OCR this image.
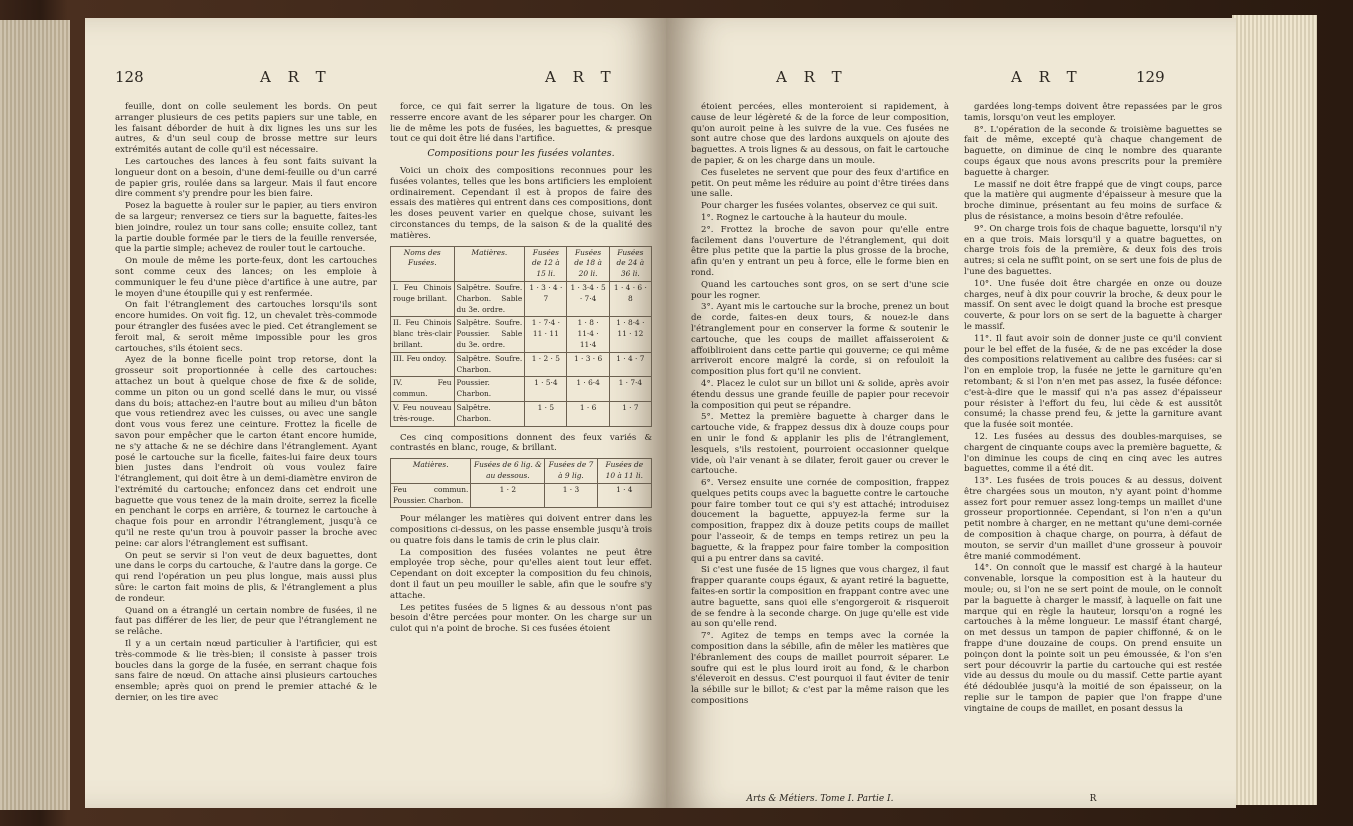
128	A R T	A R T

feuille, dont on colle seulement les bords. On peut arranger plusieurs de ces petits papiers sur une table, en les faisant déborder de huit à dix lignes les uns sur les autres, & d'un seul coup de brosse mettre sur leurs extrémités autant de colle qu'il est nécessaire.

Les cartouches des lances à feu sont faits suivant la longueur dont on a besoin, d'une demi-feuille ou d'un carré de papier gris, roulée dans sa largeur. Mais il faut encore dire comment s'y prendre pour les bien faire.

Posez la baguette à rouler sur le papier, au tiers environ de sa largeur; renversez ce tiers sur la baguette, faites-les bien joindre, roulez un tour sans colle; ensuite collez, tant la partie double formée par le tiers de la feuille renversée, que la partie simple; achevez de rouler tout le cartouche.

On moule de même les porte-feux, dont les cartouches sont comme ceux des lances; on les emploie à communiquer le feu d'une pièce d'artifice à une autre, par le moyen d'une étoupille qui y est renfermée.

On fait l'étranglement des cartouches lorsqu'ils sont encore humides. On voit fig. 12, un chevalet très-commode pour étrangler des fusées avec le pied. Cet étranglement se feroit mal, & seroit même impossible pour les gros cartouches, s'ils étoient secs.

Ayez de la bonne ficelle point trop retorse, dont la grosseur soit proportionnée à celle des cartouches: attachez un bout à quelque chose de fixe & de solide, comme un piton ou un gond scellé dans le mur, ou vissé dans du bois; attachez-en l'autre bout au milieu d'un bâton que vous retiendrez avec les cuisses, ou avec une sangle dont vous vous ferez une ceinture. Frottez la ficelle de savon pour empêcher que le carton étant encore humide, ne s'y attache & ne se déchire dans l'étranglement. Ayant posé le cartouche sur la ficelle, faites-lui faire deux tours bien justes dans l'endroit où vous voulez faire l'étranglement, qui doit être à un demi-diamètre environ de l'extrémité du cartouche; enfoncez dans cet endroit une baguette que vous tenez de la main droite, serrez la ficelle en penchant le corps en arrière, & tournez le cartouche à chaque fois pour en arrondir l'étranglement, jusqu'à ce qu'il ne reste qu'un trou à pouvoir passer la broche avec peine: car alors l'étranglement est suffisant.

On peut se servir si l'on veut de deux baguettes, dont une dans le corps du cartouche, & l'autre dans la gorge. Ce qui rend l'opération un peu plus longue, mais aussi plus sûre: le carton fait moins de plis, & l'étranglement a plus de rondeur.

Quand on a étranglé un certain nombre de fusées, il ne faut pas différer de les lier, de peur que l'étranglement ne se relâche.

Il y a un certain nœud particulier à l'artificier, qui est très-commode & lie très-bien; il consiste à passer trois boucles dans la gorge de la fusée, en serrant chaque fois sans faire de nœud. On attache ainsi plusieurs cartouches ensemble; après quoi on prend le premier attaché & le dernier, on les tire avec

force, ce qui fait serrer la ligature de tous. On les resserre encore avant de les séparer pour les charger. On lie de même les pots de fusées, les baguettes, & presque tout ce qui doit être lié dans l'artifice.

Compositions pour les fusées volantes.

Voici un choix des compositions reconnues pour les fusées volantes, telles que les bons artificiers les emploient ordinairement. Cependant il est à propos de faire des essais des matières qui entrent dans ces compositions, dont les doses peuvent varier en quelque chose, suivant les circonstances du temps, de la saison & de la qualité des matières.

Noms des Fusées.	Matières.	Fusées de 12 à 15 li.	Fusées de 18 à 20 li.	Fusées de 24 à 36 li.
I. Feu Chinois rouge brillant.	Salpêtre. Soufre. Charbon. Sable du 3e. ordre.	1 · 3 · 4 · 7	1 · 3·4 · 5 · 7·4	1 · 4 · 6 · 8
II. Feu Chinois blanc très-clair brillant.	Salpêtre. Soufre. Poussier. Sable du 3e. ordre.	1 · 7·4 · 11 · 11	1 · 8 · 11·4 · 11·4	1 · 8·4 · 11 · 12
III. Feu ondoy.	Salpêtre. Soufre. Charbon.	1 · 2 · 5	1 · 3 · 6	1 · 4 · 7
IV. Feu commun.	Poussier. Charbon.	1 · 5·4	1 · 6·4	1 · 7·4
V. Feu nouveau très-rouge.	Salpêtre. Charbon.	1 · 5	1 · 6	1 · 7

Ces cinq compositions donnent des feux variés & contrastés en blanc, rouge, & brillant.

Matières.	Fusées de 6 lig. & au dessous.	Fusées de 7 à 9 lig.	Fusées de 10 à 11 li.
Feu commun. Poussier. Charbon.	1 · 2	1 · 3	1 · 4

Pour mélanger les matières qui doivent entrer dans les compositions ci-dessus, on les passe ensemble jusqu'à trois ou quatre fois dans le tamis de crin le plus clair.

La composition des fusées volantes ne peut être employée trop sèche, pour qu'elles aient tout leur effet. Cependant on doit excepter la composition du feu chinois, dont il faut un peu mouiller le sable, afin que le soufre s'y attache.

Les petites fusées de 5 lignes & au dessous n'ont pas besoin d'être percées pour monter. On les charge sur un culot qui n'a point de broche. Si ces fusées étoient

A R T	A R T	129

étoient percées, elles monteroient si rapidement, à cause de leur légèreté & de la force de leur composition, qu'on auroit peine à les suivre de la vue. Ces fusées ne sont autre chose que des lardons auxquels on ajoute des baguettes. A trois lignes & au dessous, on fait le cartouche de papier, & on les charge dans un moule.

Ces fuseletes ne servent que pour des feux d'artifice en petit. On peut même les réduire au point d'être tirées dans une salle.

Pour charger les fusées volantes, observez ce qui suit.

1°. Rognez le cartouche à la hauteur du moule.

2°. Frottez la broche de savon pour qu'elle entre facilement dans l'ouverture de l'étranglement, qui doit être plus petite que la partie la plus grosse de la broche, afin qu'en y entrant un peu à force, elle le forme bien en rond.

Quand les cartouches sont gros, on se sert d'une scie pour les rogner.

3°. Ayant mis le cartouche sur la broche, prenez un bout de corde, faites-en deux tours, & nouez-le dans l'étranglement pour en conserver la forme & soutenir le cartouche, que les coups de maillet affaisseroient & affoibliroient dans cette partie qui gouverne; ce qui même arriveroit encore malgré la corde, si on refouloit la composition plus fort qu'il ne convient.

4°. Placez le culot sur un billot uni & solide, après avoir étendu dessus une grande feuille de papier pour recevoir la composition qui peut se répandre.

5°. Mettez la première baguette à charger dans le cartouche vide, & frappez dessus dix à douze coups pour en unir le fond & applanir les plis de l'étranglement, lesquels, s'ils restoient, pourroient occasionner quelque vide, où l'air venant à se dilater, feroit gauer ou crever le cartouche.

6°. Versez ensuite une cornée de composition, frappez quelques petits coups avec la baguette contre le cartouche pour faire tomber tout ce qui s'y est attaché; introduisez doucement la baguette, appuyez-la ferme sur la composition, frappez dix à douze petits coups de maillet pour l'asseoir, & de temps en temps retirez un peu la baguette, & la frappez pour faire tomber la composition qui a pu entrer dans sa cavité.

Si c'est une fusée de 15 lignes que vous chargez, il faut frapper quarante coups égaux, & ayant retiré la baguette, faites-en sortir la composition en frappant contre avec une autre baguette, sans quoi elle s'engorgeroit & risqueroit de se fendre à la seconde charge. On juge qu'elle est vide au son qu'elle rend.

7°. Agitez de temps en temps avec la cornée la composition dans la sébille, afin de mêler les matières que l'ébranlement des coups de maillet pourroit séparer. Le soufre qui est le plus lourd iroit au fond, & le charbon s'éleveroit en dessus. C'est pourquoi il faut éviter de tenir la sébille sur le billot; & c'est par la même raison que les compositions

gardées long-temps doivent être repassées par le gros tamis, lorsqu'on veut les employer.

8°. L'opération de la seconde & troisième baguettes se fait de même, excepté qu'à chaque changement de baguette, on diminue de cinq le nombre des quarante coups égaux que nous avons prescrits pour la première baguette à charger.

Le massif ne doit être frappé que de vingt coups, parce que la matière qui augmente d'épaisseur à mesure que la broche diminue, présentant au feu moins de surface & plus de résistance, a moins besoin d'être refoulée.

9°. On charge trois fois de chaque baguette, lorsqu'il n'y en a que trois. Mais lorsqu'il y a quatre baguettes, on charge trois fois de la première, & deux fois des trois autres; si cela ne suffit point, on se sert une fois de plus de l'une des baguettes.

10°. Une fusée doit être chargée en onze ou douze charges, neuf à dix pour couvrir la broche, & deux pour le massif. On sent avec le doigt quand la broche est presque couverte, & pour lors on se sert de la baguette à charger le massif.

11°. Il faut avoir soin de donner juste ce qu'il convient pour le bel effet de la fusée, & de ne pas excéder la dose des compositions relativement au calibre des fusées: car si l'on en emploie trop, la fusée ne jette le garniture qu'en retombant; & si l'on n'en met pas assez, la fusée défonce: c'est-à-dire que le massif qui n'a pas assez d'épaisseur pour résister à l'effort du feu, lui cède & est aussitôt consumé; la chasse prend feu, & jette la garniture avant que la fusée soit montée.

12. Les fusées au dessus des doubles-marquises, se chargent de cinquante coups avec la première baguette, & l'on diminue les coups de cinq en cinq avec les autres baguettes, comme il a été dit.

13°. Les fusées de trois pouces & au dessus, doivent être chargées sous un mouton, n'y ayant point d'homme assez fort pour remuer assez long-temps un maillet d'une grosseur proportionnée. Cependant, si l'on n'en a qu'un petit nombre à charger, en ne mettant qu'une demi-cornée de composition à chaque charge, on pourra, à défaut de mouton, se servir d'un maillet d'une grosseur à pouvoir être manié commodément.

14°. On connoît que le massif est chargé à la hauteur convenable, lorsque la composition est à la hauteur du moule; ou, si l'on ne se sert point de moule, on le connoît par la baguette à charger le massif, à laquelle on fait une marque qui en règle la hauteur, lorsqu'on a rogné les cartouches à la même longueur. Le massif étant chargé, on met dessus un tampon de papier chiffonné, & on le frappe d'une douzaine de coups. On prend ensuite un poinçon dont la pointe soit un peu émoussée, & l'on s'en sert pour découvrir la partie du cartouche qui est restée vide au dessus du moule ou du massif. Cette partie ayant été dédoublée jusqu'à la moitié de son épaisseur, on la replie sur le tampon de papier que l'on frappe d'une vingtaine de coups de maillet, en posant dessus la

Arts & Métiers. Tome I. Partie I.	R
